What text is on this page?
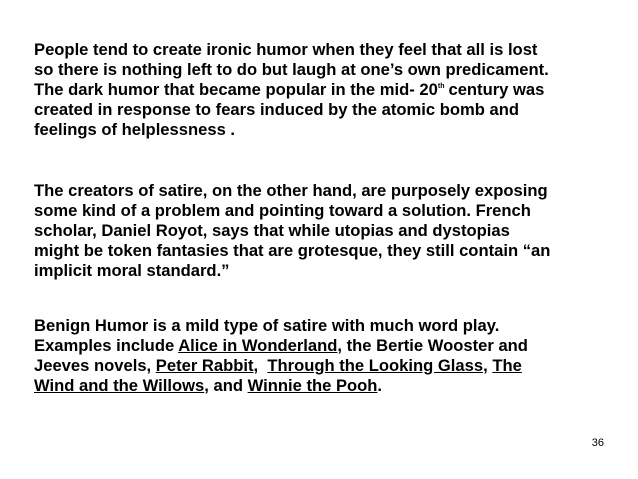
People tend to create ironic humor when they feel that all is lost
so there is nothing left to do but laugh at one’s own predicament.
The dark humor that became popular in the mid- 20th century was
created in response to fears induced by the atomic bomb and
feelings of helplessness .

The creators of satire, on the other hand, are purposely exposing
some kind of a problem and pointing toward a solution. French
scholar, Daniel Royot, says that while utopias and dystopias
might be token fantasies that are grotesque, they still contain “an
implicit moral standard.”

Benign Humor is a mild type of satire with much word play.
Examples include Alice in Wonderland, the Bertie Wooster and
Jeeves novels, Peter Rabbit,  Through the Looking Glass, The
Wind and the Willows, and Winnie the Pooh.

36
